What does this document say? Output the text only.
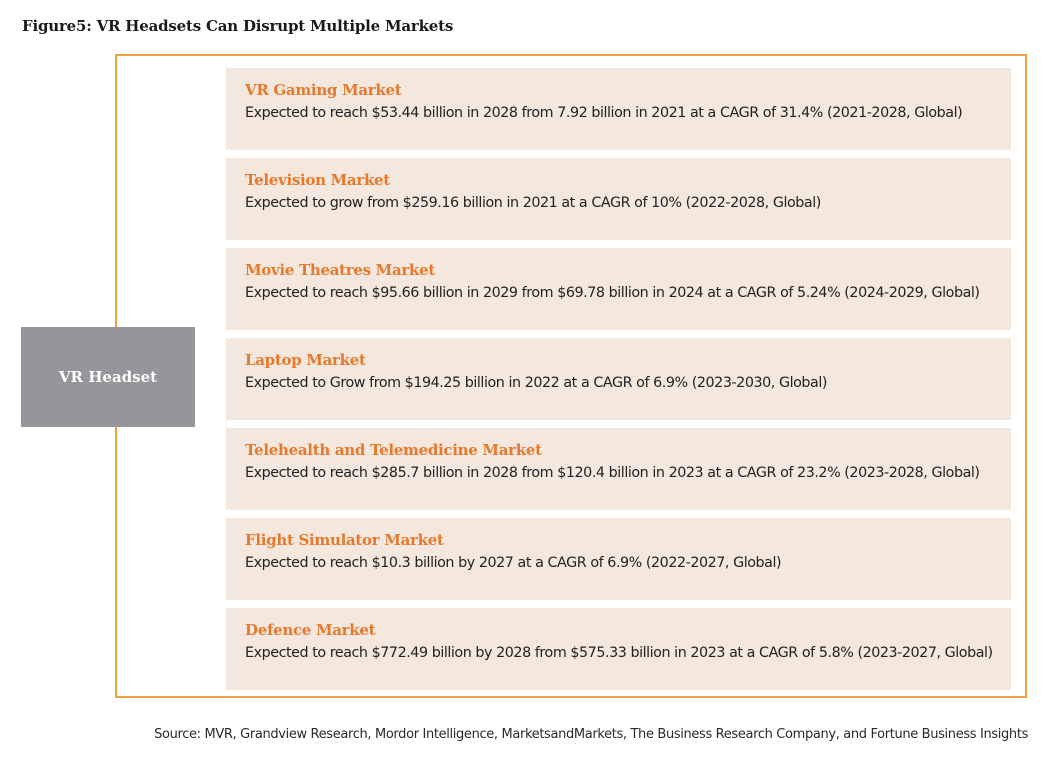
Figure5: VR Headsets Can Disrupt Multiple Markets
VR Headset
VR Gaming Market
Expected to reach $53.44 billion in 2028 from 7.92 billion in 2021 at a CAGR of 31.4% (2021-2028, Global)
Television Market
Expected to grow from $259.16 billion in 2021 at a CAGR of 10% (2022-2028, Global)
Movie Theatres Market
Expected to reach $95.66 billion in 2029 from $69.78 billion in 2024 at a CAGR of 5.24% (2024-2029, Global)
Laptop Market
Expected to Grow from $194.25 billion in 2022 at a CAGR of 6.9% (2023-2030, Global)
Telehealth and Telemedicine Market
Expected to reach $285.7 billion in 2028 from $120.4 billion in 2023 at a CAGR of 23.2% (2023-2028, Global)
Flight Simulator Market
Expected to reach $10.3 billion by 2027 at a CAGR of 6.9% (2022-2027, Global)
Defence Market
Expected to reach $772.49 billion by 2028 from $575.33 billion in 2023 at a CAGR of 5.8% (2023-2027, Global)
Source: MVR, Grandview Research, Mordor Intelligence, MarketsandMarkets, The Business Research Company, and Fortune Business Insights
